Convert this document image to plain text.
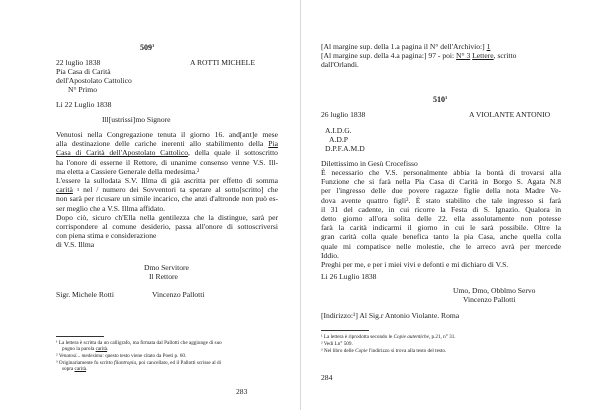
$509^1$
22 luglio 1838	A ROTTI MICHELE
Pia Casa di Carità
dell'Apostolato Cattolico
N° Primo
Li 22 Luglio 1838
Ill[ustrissi]mo Signore
Venutosi nella Congregazione tenuta il giorno 16. and[ant]e mese
alla destinazione delle cariche inerenti allo stabilimento della Pia
Casa di Carità dell'Apostolato Cattolico, della quale il sottoscritto
ha l'onore di esserne il Rettore, di unanime consenso venne V.S. Ill-
ma eletta a Cassiere Generale della medesima.²
L'essere la sullodata S.V. Illma di già ascritta per effetto di somma
carità $^3$ nel / numero dei Sovventori ta sperare al sotto[scritto] che
non sarà per ricusare un simile incarico, che anzi d'altronde non può es-
ser meglio che a V.S. Illma affidato.
Dopo ciò, sicuro ch'Ella nella gentilezza che la distingue, sarà per
corrispondere al comune desiderio, passa all'onore di sottoscriversi
con piena stima e considerazione
di V.S. Illma
Dmo Servitore
Il Rettore
Sigr. Michele Rotti	Vincenzo Pallotti
¹ La lettera è scritta da un calligrafo, ma firmata dal Pallotti che aggiunge di suo
pugno la parola carità.
² Venutosi... medesima: questo testo viene citato da Poeti p. 60.
³ Originariamente fu scritto filantropia, poi cancellato, ed il Pallotti scrisse al di
sopra carità.
283
[Al margine sup. della 1.a pagina il N° dell'Archivio:] 1
[Al margine sup. della 4.a pagina:] 97 - poi: N° 3 Lettere, scritto
dall'Orlandi.
$510^1$
26 luglio 1838	A VIOLANTE ANTONIO
A.I.D.G.
A.D.P
D.P.F.A.M.D
Dilettissimo in Gesù Crocefisso
È necessario che V.S. personalmente abbia la bontà di trovarsi alla
Funzione che si farà nella Pia Casa di Carità in Borgo S. Agata N.8
per l'ingresso delle due povere ragazze figlie della nota Madre Ve-
dova avente quattro figli². È stato stabilito che tale ingresso si farà
il 31 del cadente, in cui ricorre la Festa di S. Ignazio. Qualora in
detto giorno all'ora solita delle 22. ella assolutamente non potesse
farà la carità indicarmi il giorno in cui le sarà possibile. Oltre la
gran carità colla quale benefica tanto la pia Casa, anche quella colla
quale mi compatisce nelle molestie, che le arreco avrà per mercede
Iddio.
Preghi per me, e per i miei vivi e defonti e mi dichiaro di V.S.
Li 26 Luglio 1838
Umo, Dmo, Obblmo Servo
Vincenzo Pallotti
[Indirizzo:¹] Al Sig.r Antonio Violante. Roma
¹ La lettera è riprodotta secondo le Copie autentiche, p.21, n° 31.
² Vedi Ln° 509.
³ Nel libro delle Copie l'indirizzo si trova alla testo del testo.
284
